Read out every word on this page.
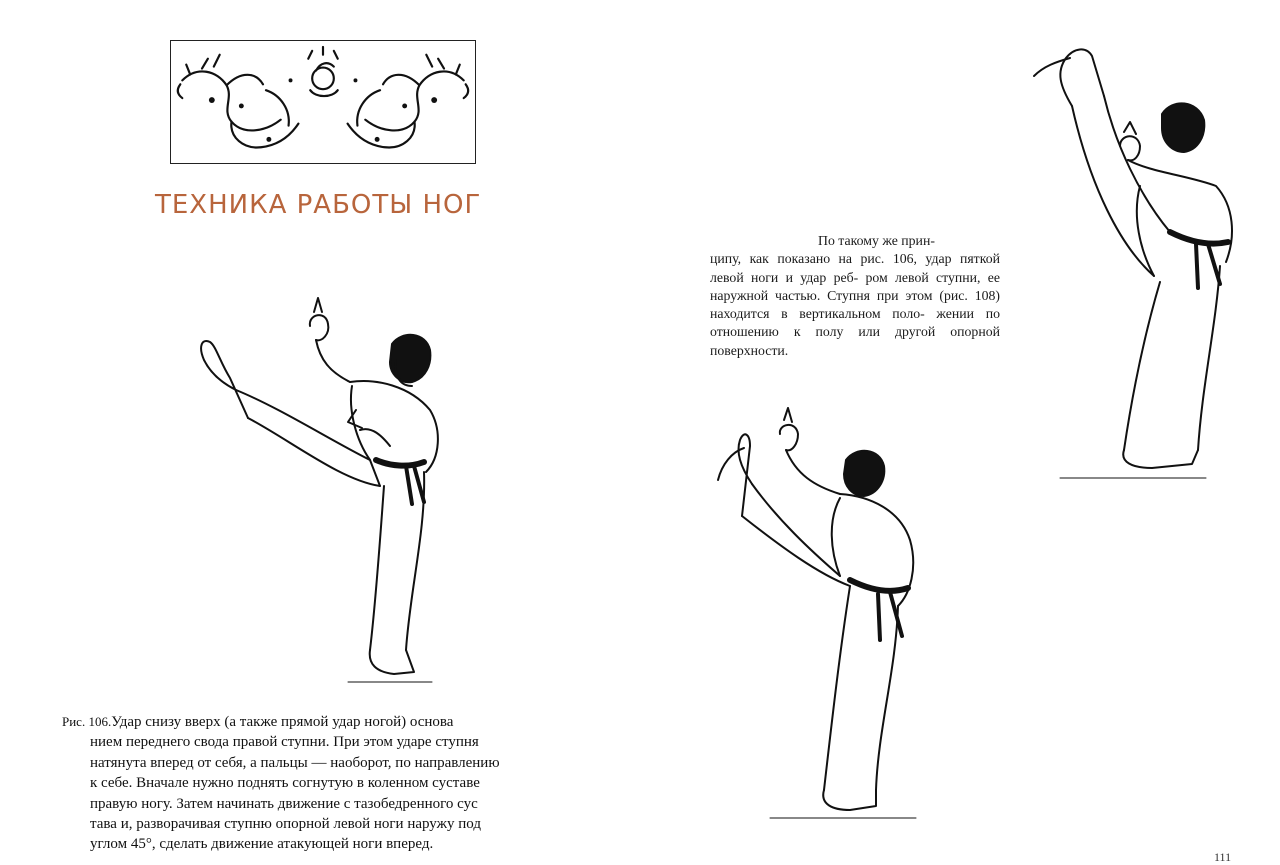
ТЕХНИКА РАБОТЫ НОГ
По такому же прин-
ципу, как показано на рис. 106, удар пяткой левой ноги и удар реб- ром левой ступни, ее наружной частью. Ступня при этом (рис. 108) находится в вертикальном поло- жении по отношению к полу или другой опорной поверхности.
Рис. 106.Удар снизу вверх (а также прямой удар ногой) основа
нием переднего свода правой ступни. При этом ударе ступня
натянута вперед от себя, а пальцы — наоборот, по направлению
к себе. Вначале нужно поднять согнутую в коленном суставе
правую ногу. Затем начинать движение с тазобедренного сус
тава и, разворачивая ступню опорной левой ноги наружу под
углом 45°, сделать движение атакующей ноги вперед.
111
